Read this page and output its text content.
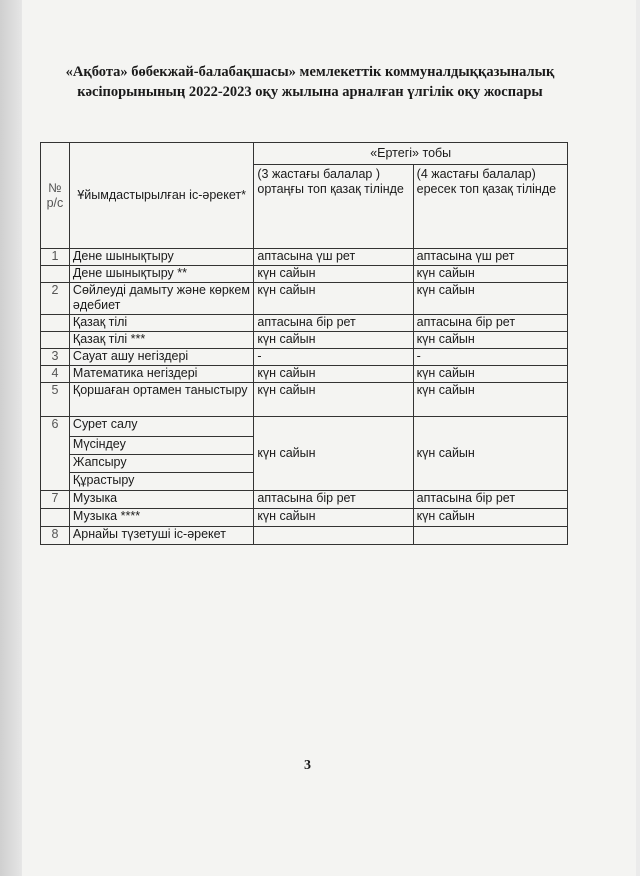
«Ақбота» бөбекжай-балабақшасы» мемлекеттік коммуналдыққазыналық
кәсіпорынының 2022-2023 оқу жылына арналған үлгілік оқу жоспары
№ р/с	Ұйымдастырылған іс-әрекет*	«Ертегі» тобы	
		(3 жастағы балалар ) ортаңғы топ қазақ тілінде	(4 жастағы балалар) ересек топ қазақ тілінде
1	Дене шынықтыру	аптасына үш рет	аптасына үш рет
	Дене шынықтыру **	күн сайын	күн сайын
2	Сөйлеуді дамыту және көркем әдебиет	күн сайын	күн сайын
	Қазақ тілі	аптасына бір рет	аптасына бір рет
	Қазақ тілі ***	күн сайын	күн сайын
3	Сауат ашу негіздері	-	-
4	Математика негіздері	күн сайын	күн сайын
5	Қоршаған ортамен таныстыру	күн сайын	күн сайын
6	Сурет салу	күн сайын	күн сайын
	Мүсіндеу		
	Жапсыру		
	Құрастыру		
7	Музыка	аптасына бір рет	аптасына бір рет
	Музыка ****	күн сайын	күн сайын
8	Арнайы түзетуші іс-әрекет		
3
